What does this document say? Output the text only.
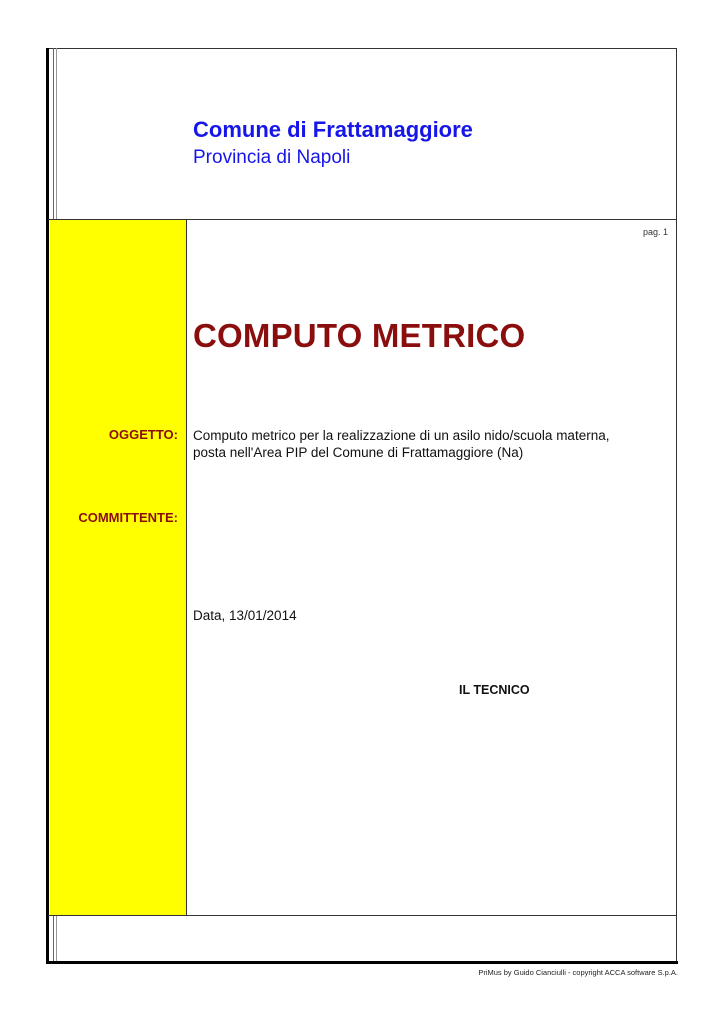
Comune di Frattamaggiore
Provincia di Napoli
pag. 1
COMPUTO METRICO
OGGETTO: Computo metrico per la realizzazione di un asilo nido/scuola materna,
posta nell'Area PIP del Comune di Frattamaggiore (Na)
COMMITTENTE:
Data, 13/01/2014
IL TECNICO
PriMus by Guido Cianciulli - copyright ACCA software S.p.A.
